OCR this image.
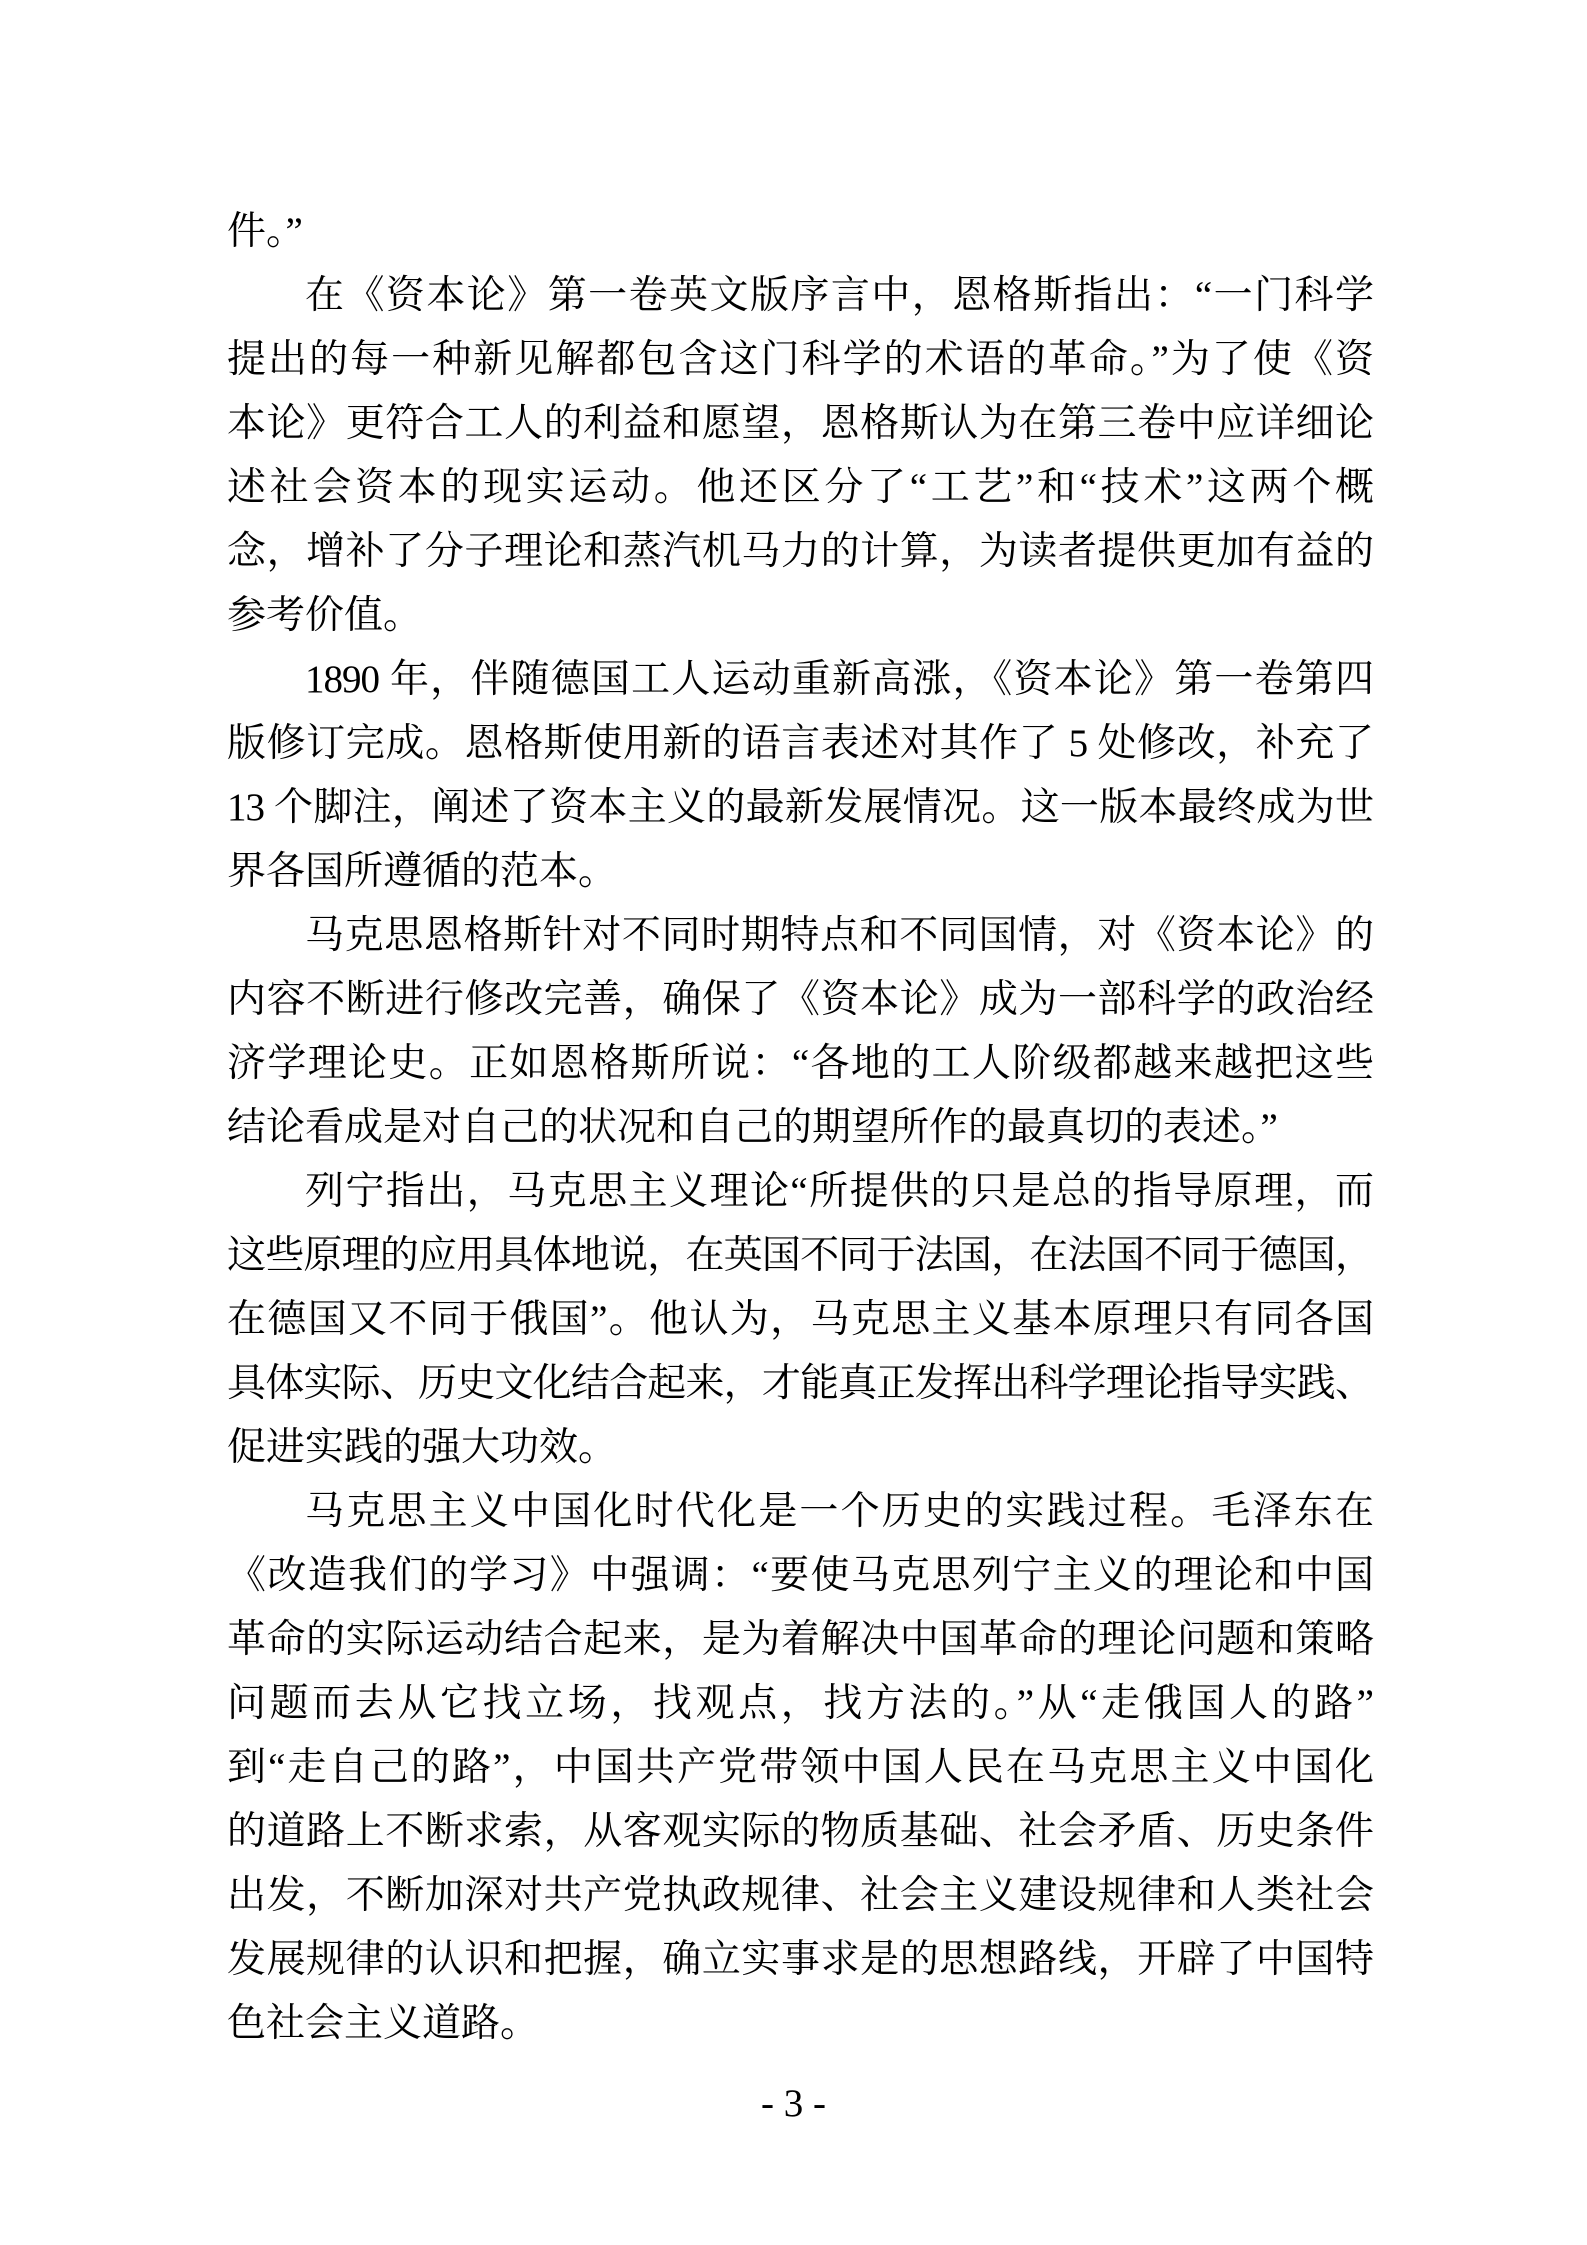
件。”
在《资本论》第一卷英文版序言中，恩格斯指出：“一门科学
提出的每一种新见解都包含这门科学的术语的革命。”为了使《资
本论》更符合工人的利益和愿望，恩格斯认为在第三卷中应详细论
述社会资本的现实运动。他还区分了“工艺”和“技术”这两个概
念，增补了分子理论和蒸汽机马力的计算，为读者提供更加有益的
参考价值。
1890 年，伴随德国工人运动重新高涨，《资本论》第一卷第四
版修订完成。恩格斯使用新的语言表述对其作了 5 处修改，补充了
13 个脚注，阐述了资本主义的最新发展情况。这一版本最终成为世
界各国所遵循的范本。
马克思恩格斯针对不同时期特点和不同国情，对《资本论》的
内容不断进行修改完善，确保了《资本论》成为一部科学的政治经
济学理论史。正如恩格斯所说：“各地的工人阶级都越来越把这些
结论看成是对自己的状况和自己的期望所作的最真切的表述。”
列宁指出，马克思主义理论“所提供的只是总的指导原理，而
这些原理的应用具体地说，在英国不同于法国，在法国不同于德国，
在德国又不同于俄国”。他认为，马克思主义基本原理只有同各国
具体实际、历史文化结合起来，才能真正发挥出科学理论指导实践、
促进实践的强大功效。
马克思主义中国化时代化是一个历史的实践过程。毛泽东在
《改造我们的学习》中强调：“要使马克思列宁主义的理论和中国
革命的实际运动结合起来，是为着解决中国革命的理论问题和策略
问题而去从它找立场，找观点，找方法的。”从“走俄国人的路”
到“走自己的路”，中国共产党带领中国人民在马克思主义中国化
的道路上不断求索，从客观实际的物质基础、社会矛盾、历史条件
出发，不断加深对共产党执政规律、社会主义建设规律和人类社会
发展规律的认识和把握，确立实事求是的思想路线，开辟了中国特
色社会主义道路。
- 3 -
